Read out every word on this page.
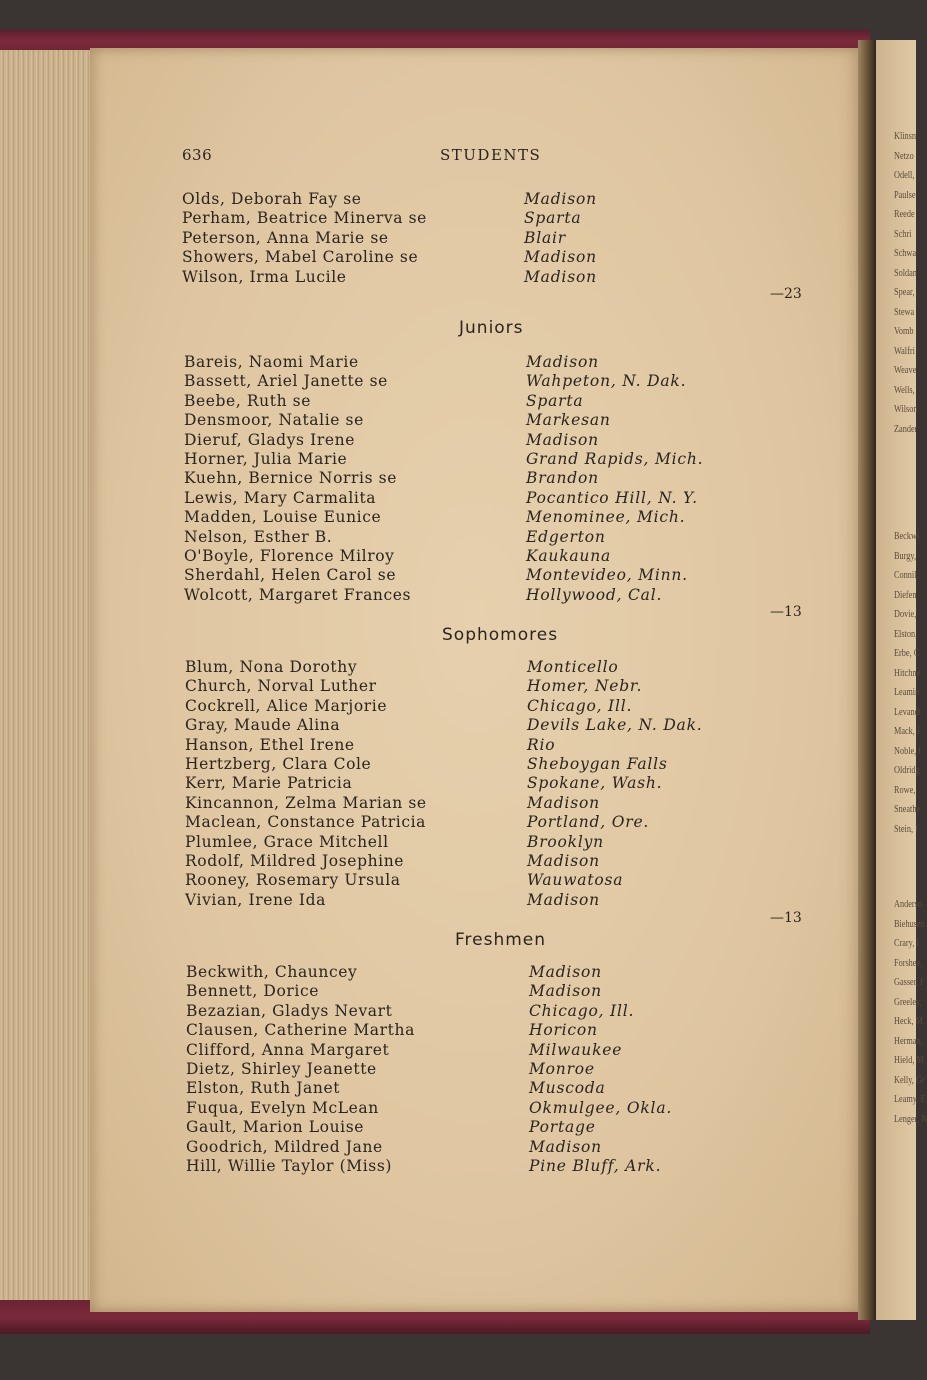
Klinsn
Netzo
Odell,
Paulse
Reede
Schri
Schwa
Soldan
Spear,
Stewa
Vomb
Walfri
Weave
Wells,
Wilson
Zander
Beckwi
Burgy,
Connil
Diefen
Dovie,
Elston,
Erbe, C
Hitchne
Leamin
Levandt
Mack, I
Noble, I
Oldridg
Rowe,
Sneathe
Stein, I
Anderso
Biehusen
Crary, I
Forshee,
Gasser, I
Greeley,
Heck, M
Herman,
Hield, M
Kelly, Gr
Leamy, E
Lenger, N
636	STUDENTS
Olds, Deborah Fay se	Madison
Perham, Beatrice Minerva se	Sparta
Peterson, Anna Marie se	Blair
Showers, Mabel Caroline se	Madison
Wilson, Irma Lucile	Madison
—23
Juniors
Bareis, Naomi Marie	Madison
Bassett, Ariel Janette se	Wahpeton, N. Dak.
Beebe, Ruth se	Sparta
Densmoor, Natalie se	Markesan
Dieruf, Gladys Irene	Madison
Horner, Julia Marie	Grand Rapids, Mich.
Kuehn, Bernice Norris se	Brandon
Lewis, Mary Carmalita	Pocantico Hill, N. Y.
Madden, Louise Eunice	Menominee, Mich.
Nelson, Esther B.	Edgerton
O'Boyle, Florence Milroy	Kaukauna
Sherdahl, Helen Carol se	Montevideo, Minn.
Wolcott, Margaret Frances	Hollywood, Cal.
—13
Sophomores
Blum, Nona Dorothy	Monticello
Church, Norval Luther	Homer, Nebr.
Cockrell, Alice Marjorie	Chicago, Ill.
Gray, Maude Alina	Devils Lake, N. Dak.
Hanson, Ethel Irene	Rio
Hertzberg, Clara Cole	Sheboygan Falls
Kerr, Marie Patricia	Spokane, Wash.
Kincannon, Zelma Marian se	Madison
Maclean, Constance Patricia	Portland, Ore.
Plumlee, Grace Mitchell	Brooklyn
Rodolf, Mildred Josephine	Madison
Rooney, Rosemary Ursula	Wauwatosa
Vivian, Irene Ida	Madison
—13
Freshmen
Beckwith, Chauncey	Madison
Bennett, Dorice	Madison
Bezazian, Gladys Nevart	Chicago, Ill.
Clausen, Catherine Martha	Horicon
Clifford, Anna Margaret	Milwaukee
Dietz, Shirley Jeanette	Monroe
Elston, Ruth Janet	Muscoda
Fuqua, Evelyn McLean	Okmulgee, Okla.
Gault, Marion Louise	Portage
Goodrich, Mildred Jane	Madison
Hill, Willie Taylor (Miss)	Pine Bluff, Ark.
